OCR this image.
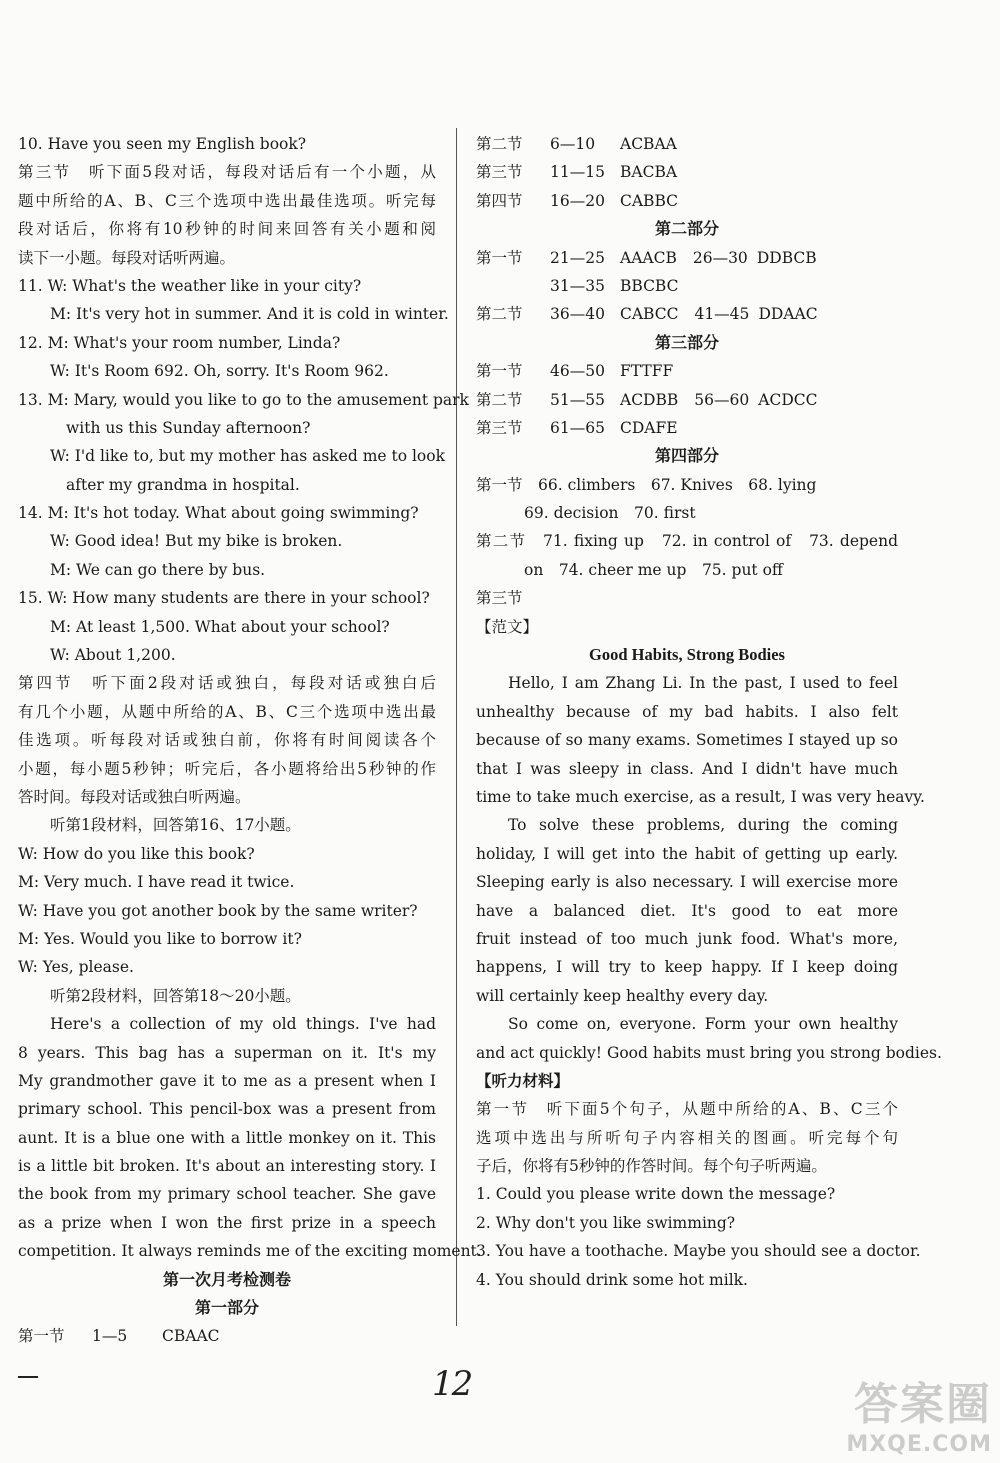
10. Have you seen my English book?
第三节　听下面5段对话，每段对话后有一个小题，从
题中所给的A、B、C三个选项中选出最佳选项。听完每
段对话后，你将有10秒钟的时间来回答有关小题和阅
读下一小题。每段对话听两遍。
11. W: What's the weather like in your city?
M: It's very hot in summer. And it is cold in winter.
12. M: What's your room number, Linda?
W: It's Room 692. Oh, sorry. It's Room 962.
13. M: Mary, would you like to go to the amusement park
with us this Sunday afternoon?
W: I'd like to, but my mother has asked me to look
after my grandma in hospital.
14. M: It's hot today. What about going swimming?
W: Good idea! But my bike is broken.
M: We can go there by bus.
15. W: How many students are there in your school?
M: At least 1,500. What about your school?
W: About 1,200.
第四节　听下面2段对话或独白，每段对话或独白后
有几个小题，从题中所给的A、B、C三个选项中选出最
佳选项。听每段对话或独白前，你将有时间阅读各个
小题，每小题5秒钟；听完后，各小题将给出5秒钟的作
答时间。每段对话或独白听两遍。
听第1段材料，回答第16、17小题。
W: How do you like this book?
M: Very much. I have read it twice.
W: Have you got another book by the same writer?
M: Yes. Would you like to borrow it?
W: Yes, please.
听第2段材料，回答第18～20小题。
Here's a collection of my old things. I've had
8 years. This bag has a superman on it. It's my
My grandmother gave it to me as a present when I
primary school. This pencil-box was a present from
aunt. It is a blue one with a little monkey on it. This
is a little bit broken. It's about an interesting story. I
the book from my primary school teacher. She gave
as a prize when I won the first prize in a speech
competition. It always reminds me of the exciting moment.
第一次月考检测卷
第一部分
第一节 1—5 CBAAC
第二节 6—10 ACBAA
第三节 11—15 BACBA
第四节 16—20 CABBC
第二部分
第一节 21—25 AAACB 26—30 DDBCB
31—35 BBCBC
第二节 36—40 CABCC 41—45 DDAAC
第三部分
第一节 46—50 FTTFF
第二节 51—55 ACDBB 56—60 ACDCC
第三节 61—65 CDAFE
第四部分
第一节　66. climbers　67. Knives　68. lying
69. decision　70. first
第二节　71. fixing up　72. in control of　73. depend
on　74. cheer me up　75. put off
第三节
【范文】
Good Habits, Strong Bodies
Hello, I am Zhang Li. In the past, I used to feel
unhealthy because of my bad habits. I also felt
because of so many exams. Sometimes I stayed up so
that I was sleepy in class. And I didn't have much
time to take much exercise, as a result, I was very heavy.
To solve these problems, during the coming
holiday, I will get into the habit of getting up early.
Sleeping early is also necessary. I will exercise more
have a balanced diet. It's good to eat more
fruit instead of too much junk food. What's more,
happens, I will try to keep happy. If I keep doing
will certainly keep healthy every day.
So come on, everyone. Form your own healthy
and act quickly! Good habits must bring you strong bodies.
【听力材料】
第一节　听下面5个句子，从题中所给的A、B、C三个
选项中选出与所听句子内容相关的图画。听完每个句
子后，你将有5秒钟的作答时间。每个句子听两遍。
1. Could you please write down the message?
2. Why don't you like swimming?
3. You have a toothache. Maybe you should see a doctor.
4. You should drink some hot milk.
12	答案圈
MXQE.COM
